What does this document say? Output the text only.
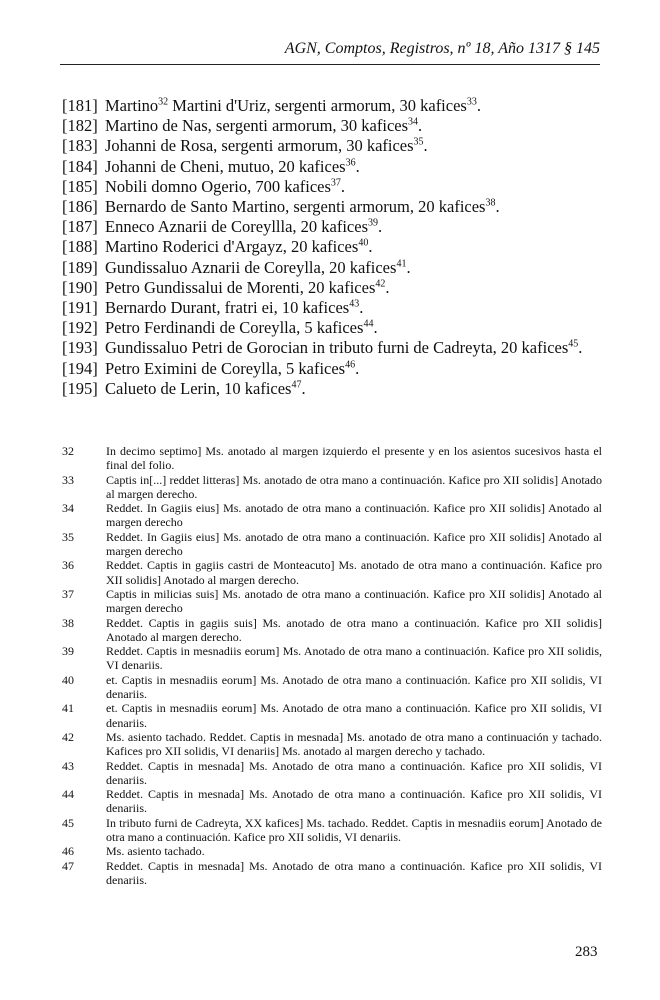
AGN, Comptos, Registros, nº 18, Año 1317 § 145
[181] Martino$^{32}$ Martini d'Uriz, sergenti armorum, 30 kafices$^{33}$.
[182] Martino de Nas, sergenti armorum, 30 kafices$^{34}$.
[183] Johanni de Rosa, sergenti armorum, 30 kafices$^{35}$.
[184] Johanni de Cheni, mutuo, 20 kafices$^{36}$.
[185] Nobili domno Ogerio, 700 kafices$^{37}$.
[186] Bernardo de Santo Martino, sergenti armorum, 20 kafices$^{38}$.
[187] Enneco Aznarii de Coreyllla, 20 kafices$^{39}$.
[188] Martino Roderici d'Argayz, 20 kafices$^{40}$.
[189] Gundissaluo Aznarii de Coreylla, 20 kafices$^{41}$.
[190] Petro Gundissalui de Morenti, 20 kafices$^{42}$.
[191] Bernardo Durant, fratri ei, 10 kafices$^{43}$.
[192] Petro Ferdinandi de Coreylla, 5 kafices$^{44}$.
[193] Gundissaluo Petri de Gorocian in tributo furni de Cadreyta, 20 kafices$^{45}$.
[194] Petro Eximini de Coreylla, 5 kafices$^{46}$.
[195] Calueto de Lerin, 10 kafices$^{47}$.
32	In decimo septimo] Ms. anotado al margen izquierdo el presente y en los asientos sucesivos hasta el final del folio.
33	Captis in[...] reddet litteras] Ms. anotado de otra mano a continuación. Kafice pro XII solidis] Anotado al margen derecho.
34	Reddet. In Gagiis eius] Ms. anotado de otra mano a continuación. Kafice pro XII solidis] Anotado al margen derecho
35	Reddet. In Gagiis eius] Ms. anotado de otra mano a continuación. Kafice pro XII solidis] Anotado al margen derecho
36	Reddet. Captis in gagiis castri de Monteacuto] Ms. anotado de otra mano a continuación. Kafice pro XII solidis] Anotado al margen derecho.
37	Captis in milicias suis] Ms. anotado de otra mano a continuación. Kafice pro XII solidis] Anotado al margen derecho
38	Reddet. Captis in gagiis suis] Ms. anotado de otra mano a continuación. Kafice pro XII solidis] Anotado al margen derecho.
39	Reddet. Captis in mesnadiis eorum] Ms. Anotado de otra mano a continuación. Kafice pro XII solidis, VI denariis.
40	et. Captis in mesnadiis eorum] Ms. Anotado de otra mano a continuación. Kafice pro XII solidis, VI denariis.
41	et. Captis in mesnadiis eorum] Ms. Anotado de otra mano a continuación. Kafice pro XII solidis, VI denariis.
42	Ms. asiento tachado. Reddet. Captis in mesnada] Ms. anotado de otra mano a continuación y tachado. Kafices pro XII solidis, VI denariis] Ms. anotado al margen derecho y tachado.
43	Reddet. Captis in mesnada] Ms. Anotado de otra mano a continuación. Kafice pro XII solidis, VI denariis.
44	Reddet. Captis in mesnada] Ms. Anotado de otra mano a continuación. Kafice pro XII solidis, VI denariis.
45	In tributo furni de Cadreyta, XX kafices] Ms. tachado. Reddet. Captis in mesnadiis eorum] Anotado de otra mano a continuación. Kafice pro XII solidis, VI denariis.
46	Ms. asiento tachado.
47	Reddet. Captis in mesnada] Ms. Anotado de otra mano a continuación. Kafice pro XII solidis, VI denariis.
283
